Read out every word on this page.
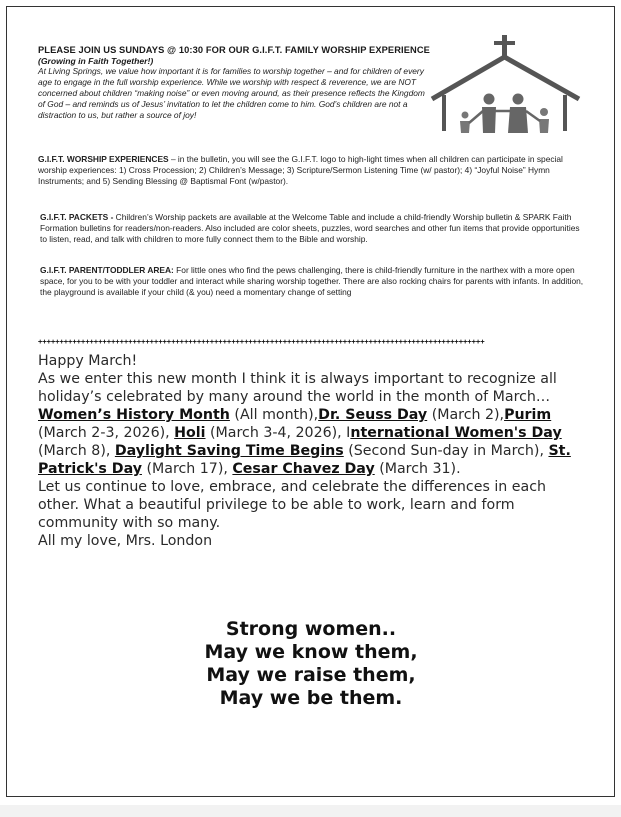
PLEASE JOIN US SUNDAYS @ 10:30 FOR OUR G.I.F.T. FAMILY WORSHIP EXPERIENCE
(Growing in Faith Together!)
At Living Springs, we value how important it is for families to worship together – and for children of every age to engage in the full worship experience. While we worship with respect & reverence, we are NOT concerned about children “making noise” or even moving around, as their presence reflects the Kingdom of God – and reminds us of Jesus’ invitation to let the children come to him. God’s children are not a distraction to us, but rather a source of joy!
G.I.F.T. WORSHIP EXPERIENCES – in the bulletin, you will see the G.I.F.T. logo to high-light times when all children can participate in special worship experiences: 1) Cross Procession; 2) Children’s Message; 3) Scripture/Sermon Listening Time (w/ pastor); 4) “Joyful Noise” Hymn Instruments; and 5) Sending Blessing @ Baptismal Font (w/pastor).
G.I.F.T. PACKETS - Children’s Worship packets are available at the Welcome Table and include a child-friendly Worship bulletin & SPARK Faith Formation bulletins for readers/non-readers. Also included are color sheets, puzzles, word searches and other fun items that provide opportunities to listen, read, and talk with children to more fully connect them to the Bible and worship.
G.I.F.T. PARENT/TODDLER AREA: For little ones who find the pews challenging, there is child-friendly furniture in the narthex with a more open space, for you to be with your toddler and interact while sharing worship together. There are also rocking chairs for parents with infants. In addition, the playground is available if your child (& you) need a momentary change of setting
++++++++++++++++++++++++++++++++++++++++++++++++++++++++++++++++++++++++++++++++++++++++++++++++++++++++
Happy March!
As we enter this new month I think it is always important to recognize all holiday’s celebrated by many around the world in the month of March…
Women’s History Month (All month),Dr. Seuss Day (March 2),Purim (March 2-3, 2026), Holi (March 3-4, 2026), International Women's Day (March 8), Daylight Saving Time Begins (Second Sun-day in March), St. Patrick's Day (March 17), Cesar Chavez Day (March 31).
Let us continue to love, embrace, and celebrate the differences in each other. What a beautiful privilege to be able to work, learn and form community with so many.
All my love, Mrs. London
Strong women..
May we know them,
May we raise them,
May we be them.
